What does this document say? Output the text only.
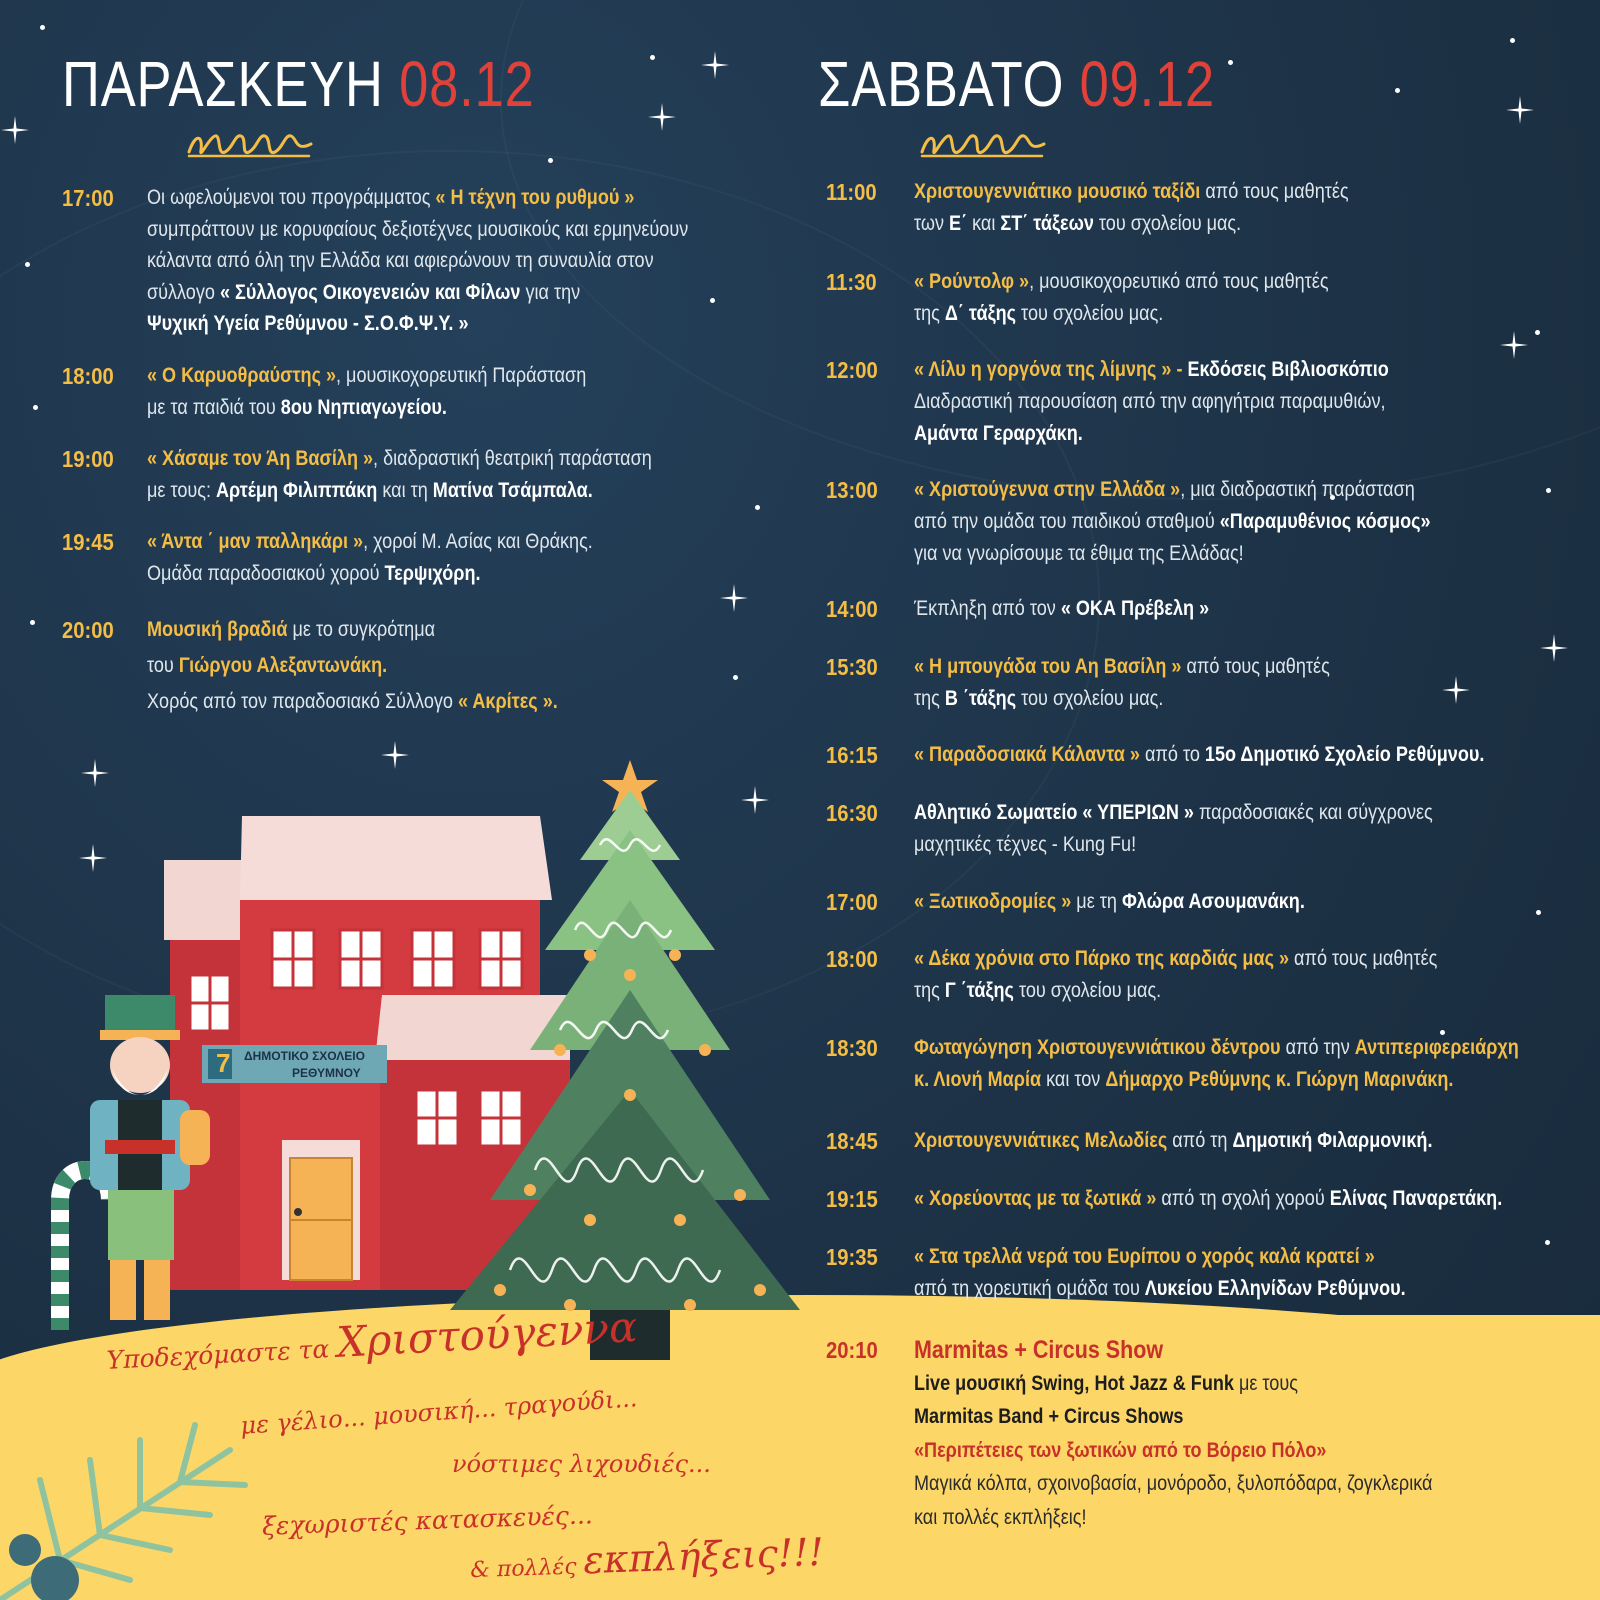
ΠΑΡΑΣΚΕΥΗ 08.12	ΣΑΒΒΑΤΟ 09.12
17:00 Οι ωφελούμενοι του προγράμματος « Η τέχνη του ρυθμού »
συμπράττουν με κορυφαίους δεξιοτέχνες μουσικούς και ερμηνεύουν
κάλαντα από όλη την Ελλάδα και αφιερώνουν τη συναυλία στον
σύλλογο « Σύλλογος Οικογενειών και Φίλων για την
Ψυχική Υγεία Ρεθύμνου - Σ.Ο.Φ.Ψ.Υ. »
18:00 « Ο Καρυοθραύστης », μουσικοχορευτική Παράσταση
με τα παιδιά του 8ου Νηπιαγωγείου.
19:00 « Χάσαμε τον Άη Βασίλη », διαδραστική θεατρική παράσταση
με τους: Αρτέμη Φιλιππάκη και τη Ματίνα Τσάμπαλα.
19:45 « Άντα ΄ μαν παλληκάρι », χοροί Μ. Ασίας και Θράκης.
Ομάδα παραδοσιακού χορού Τερψιχόρη.
20:00 Μουσική βραδιά με το συγκρότημα
του Γιώργου Αλεξαντωνάκη.
Χορός από τον παραδοσιακό Σύλλογο « Ακρίτες ».
11:00 Χριστουγεννιάτικο μουσικό ταξίδι από τους μαθητές
των Ε΄ και ΣΤ΄ τάξεων του σχολείου μας.
11:30 « Ρούντολφ », μουσικοχορευτικό από τους μαθητές
της Δ΄ τάξης του σχολείου μας.
12:00 « Λίλυ η γοργόνα της λίμνης » - Εκδόσεις Βιβλιοσκόπιο
Διαδραστική παρουσίαση από την αφηγήτρια παραμυθιών,
Αμάντα Γεραρχάκη.
13:00 « Χριστούγεννα στην Ελλάδα », μια διαδραστική παράσταση
από την ομάδα του παιδικού σταθμού «Παραμυθένιος κόσμος»
για να γνωρίσουμε τα έθιμα της Ελλάδας!
14:00 Έκπληξη από τον « ΟΚΑ Πρέβελη »
15:30 « Η μπουγάδα του Αη Βασίλη » από τους μαθητές
της Β ΄τάξης του σχολείου μας.
16:15 « Παραδοσιακά Κάλαντα » από το 15ο Δημοτικό Σχολείο Ρεθύμνου.
16:30 Αθλητικό Σωματείο « ΥΠΕΡΙΩΝ » παραδοσιακές και σύγχρονες
μαχητικές τέχνες - Kung Fu!
17:00 « Ξωτικοδρομίες » με τη Φλώρα Ασουμανάκη.
18:00 « Δέκα χρόνια στο Πάρκο της καρδιάς μας » από τους μαθητές
της Γ ΄τάξης του σχολείου μας.
18:30 Φωταγώγηση Χριστουγεννιάτικου δέντρου από την Αντιπεριφερειάρχη
κ. Λιονή Μαρία και τον Δήμαρχο Ρεθύμνης κ. Γιώργη Μαρινάκη.
18:45 Χριστουγεννιάτικες Μελωδίες από τη Δημοτική Φιλαρμονική.
19:15 « Χορεύοντας με τα ξωτικά » από τη σχολή χορού Ελίνας Παναρετάκη.
19:35 « Στα τρελλά νερά του Ευρίπου ο χορός καλά κρατεί »
από τη χορευτική ομάδα του Λυκείου Ελληνίδων Ρεθύμνου.
20:10 Marmitas + Circus Show
Live μουσική Swing, Hot Jazz & Funk με τους
Marmitas Band + Circus Shows
«Περιπέτειες των ξωτικών από το Βόρειο Πόλο»
Μαγικά κόλπα, σχοινοβασία, μονόροδο, ξυλοπόδαρα, ζογκλερικά
και πολλές εκπλήξεις!
7 ΔΗΜΟΤΙΚΟ ΣΧΟΛΕΙΟ
ΡΕΘΥΜΝΟΥ
Υποδεχόμαστε τα Χριστούγεννα
με γέλιο... μουσική... τραγούδι...
νόστιμες λιχουδιές...
ξεχωριστές κατασκευές...
& πολλές εκπλήξεις!!!
